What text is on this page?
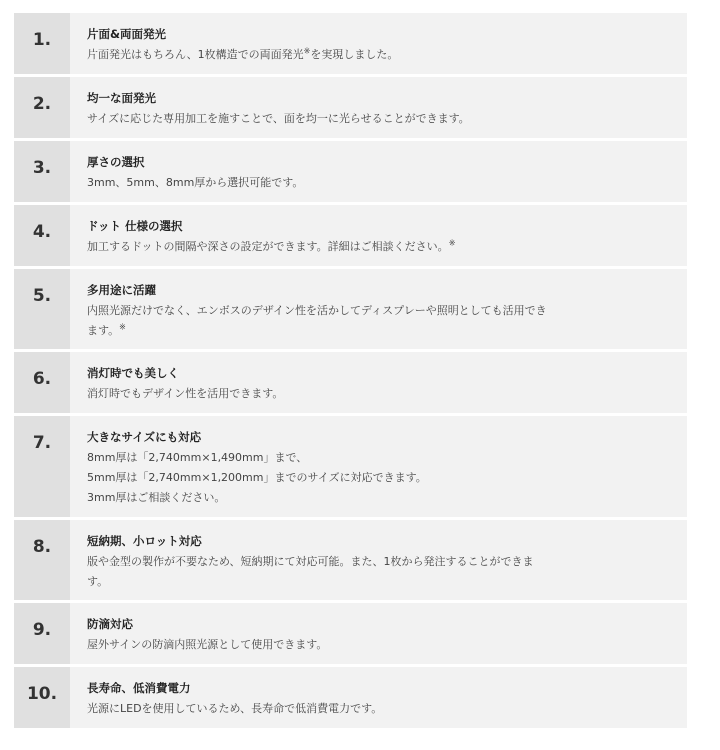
1.	片面&両面発光
片面発光はもちろん、1枚構造での両面発光※を実現しました。
2.	均一な面発光
サイズに応じた専用加工を施すことで、面を均一に光らせることができます。
3.	厚さの選択
3mm、5mm、8mm厚から選択可能です。
4.	ドット 仕様の選択
加工するドットの間隔や深さの設定ができます。詳細はご相談ください。※
5.	多用途に活躍
内照光源だけでなく、エンボスのデザイン性を活かしてディスプレーや照明としても活用でき
ます。※
6.	消灯時でも美しく
消灯時でもデザイン性を活用できます。
7.	大きなサイズにも対応
8mm厚は「2,740mm×1,490mm」まで、
5mm厚は「2,740mm×1,200mm」までのサイズに対応できます。
3mm厚はご相談ください。
8.	短納期、小ロット対応
版や金型の製作が不要なため、短納期にて対応可能。また、1枚から発注することができま
す。
9.	防滴対応
屋外サインの防滴内照光源として使用できます。
10.	長寿命、低消費電力
光源にLEDを使用しているため、長寿命で低消費電力です。
